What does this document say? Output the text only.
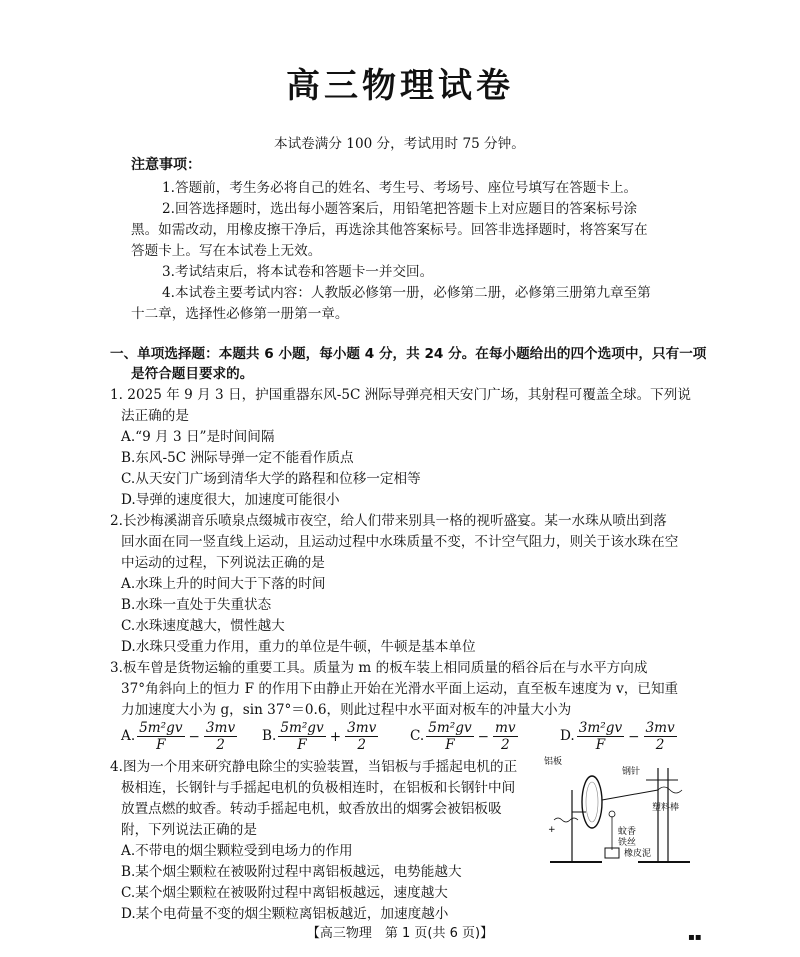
高三物理试卷
本试卷满分 100 分，考试用时 75 分钟。
注意事项：
1.答题前，考生务必将自己的姓名、考生号、考场号、座位号填写在答题卡上。
2.回答选择题时，选出每小题答案后，用铅笔把答题卡上对应题目的答案标号涂
黑。如需改动，用橡皮擦干净后，再选涂其他答案标号。回答非选择题时，将答案写在
答题卡上。写在本试卷上无效。
3.考试结束后，将本试卷和答题卡一并交回。
4.本试卷主要考试内容：人教版必修第一册，必修第二册，必修第三册第九章至第
十二章，选择性必修第一册第一章。
一、单项选择题：本题共 6 小题，每小题 4 分，共 24 分。在每小题给出的四个选项中，只有一项
是符合题目要求的。
1. 2025 年 9 月 3 日，护国重器东风-5C 洲际导弹亮相天安门广场，其射程可覆盖全球。下列说
法正确的是
A.“9 月 3 日”是时间间隔
B.东风-5C 洲际导弹一定不能看作质点
C.从天安门广场到清华大学的路程和位移一定相等
D.导弹的速度很大，加速度可能很小
2.长沙梅溪湖音乐喷泉点缀城市夜空，给人们带来别具一格的视听盛宴。某一水珠从喷出到落
回水面在同一竖直线上运动，且运动过程中水珠质量不变，不计空气阻力，则关于该水珠在空
中运动的过程，下列说法正确的是
A.水珠上升的时间大于下落的时间
B.水珠一直处于失重状态
C.水珠速度越大，惯性越大
D.水珠只受重力作用，重力的单位是牛顿，牛顿是基本单位
3.板车曾是货物运输的重要工具。质量为 m 的板车装上相同质量的稻谷后在与水平方向成
37°角斜向上的恒力 F 的作用下由静止开始在光滑水平面上运动，直至板车速度为 v，已知重
力加速度大小为 g，sin 37°＝0.6，则此过程中水平面对板车的冲量大小为
A. $\frac{\text{5m²gv}}{F} - \frac{3mv}{2} B$. $\frac{\text{5m²gv}}{F} + \frac{3mv}{2} C$. $\frac{\text{5m²gv}}{F} - \frac{mv}{2}$	D. $\frac{\text{3m²gv}}{F} - \frac{3mv}{2}$
4.图为一个用来研究静电除尘的实验装置，当铝板与手摇起电机的正
极相连，长钢针与手摇起电机的负极相连时，在铝板和长钢针中间
放置点燃的蚊香。转动手摇起电机，蚊香放出的烟雾会被铝板吸
附，下列说法正确的是
A.不带电的烟尘颗粒受到电场力的作用
B.某个烟尘颗粒在被吸附过程中离铝板越远，电势能越大
C.某个烟尘颗粒在被吸附过程中离铝板越远，速度越大
D.某个电荷量不变的烟尘颗粒离铝板越近，加速度越小
铝板
钢针
蚊香
铁丝
橡皮泥
塑料棒
+
【高三物理　第 1 页(共 6 页)】	▪▪
